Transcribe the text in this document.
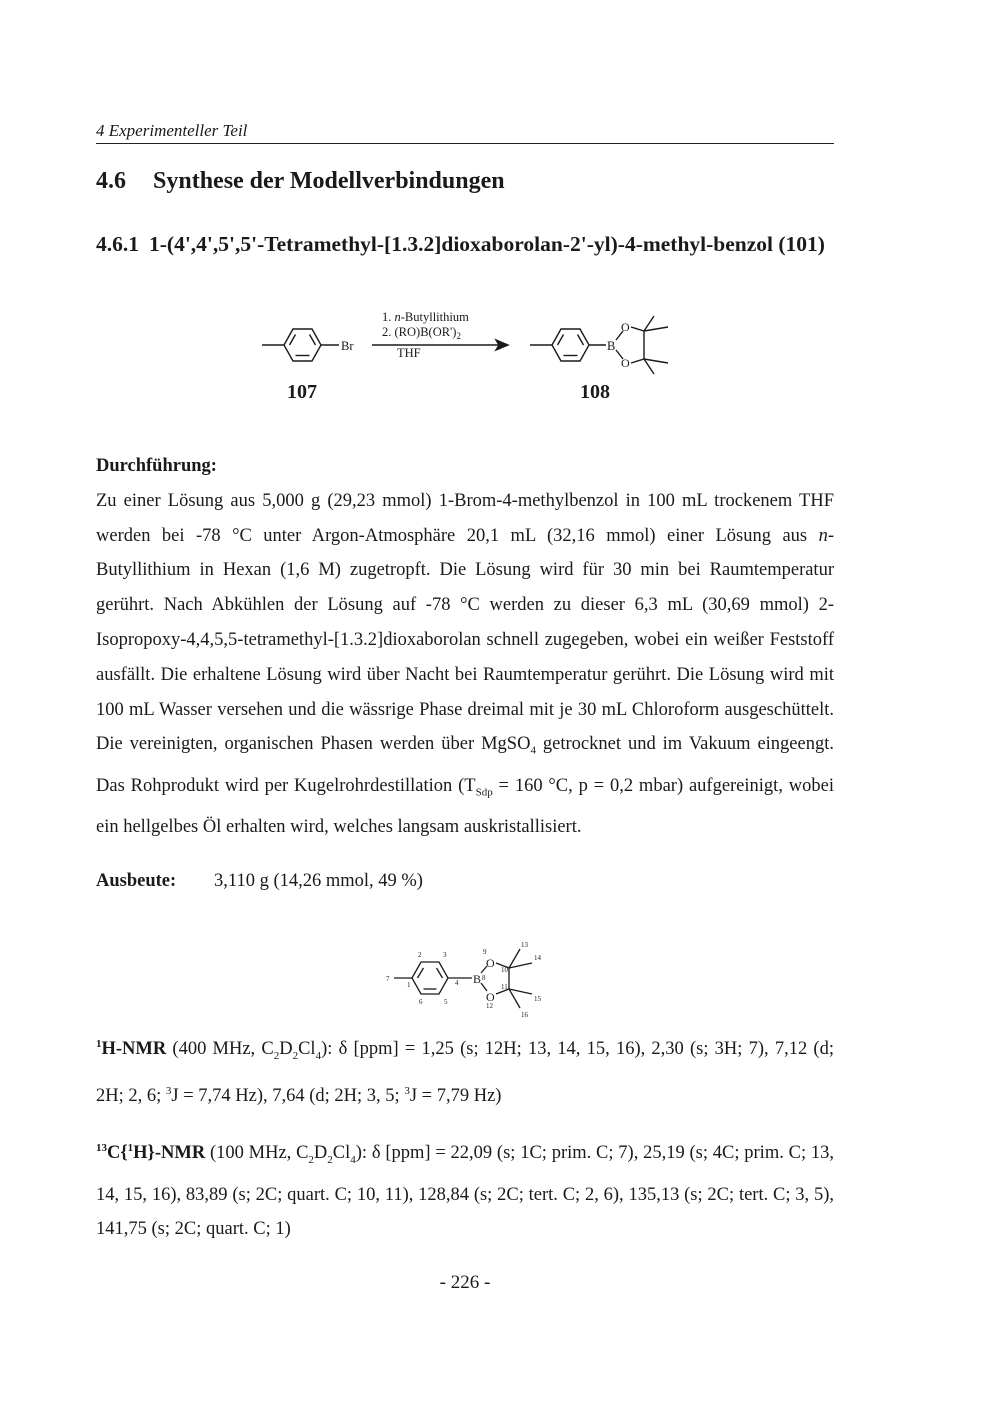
4 Experimenteller Teil
4.6 Synthese der Modellverbindungen
4.6.1 1-(4',4',5',5'-Tetramethyl-[1.3.2]dioxaborolan-2'-yl)-4-methyl-benzol (101)
Br	B
O
O
1. n-Butyllithium
2. $(RO)B(OR')_2$
THF
107	108
Durchführung:

Zu einer Lösung aus 5,000 g (29,23 mmol) 1-Brom-4-methylbenzol in 100 mL trockenem THF werden bei -78 °C unter Argon-Atmosphäre 20,1 mL (32,16 mmol) einer Lösung aus n-Butyllithium in Hexan (1,6 M) zugetropft. Die Lösung wird für 30 min bei Raumtemperatur gerührt. Nach Abkühlen der Lösung auf -78 °C werden zu dieser 6,3 mL (30,69 mmol) 2-Isopropoxy-4,4,5,5-tetramethyl-[1.3.2]dioxaborolan schnell zugegeben, wobei ein weißer Feststoff ausfällt. Die erhaltene Lösung wird über Nacht bei Raumtemperatur gerührt. Die Lösung wird mit 100 mL Wasser versehen und die wässrige Phase dreimal mit je 30 mL Chloroform ausgeschüttelt. Die vereinigten, organischen Phasen werden über MgSO$_4$ getrocknet und im Vakuum eingeengt. Das Rohprodukt wird per Kugelrohrdestillation ($T_{Sdp} = 160$ °C, p = 0,2 mbar) aufgereinigt, wobei ein hellgelbes Öl erhalten wird, welches langsam auskristallisiert.

Ausbeute: 3,110 g (14,26 mmol, 49 %)
B
O
O
1
2	3
4
5
6
7	8
9
10
11
12
13
14
15
16
$^1$H-NMR (400 MHz, $C_2D_2Cl_4$): δ [ppm] = 1,25 (s; 12H; 13, 14, 15, 16), 2,30 (s; 3H; 7), 7,12 (d; 2H; 2, 6; $^3$J = 7,74 Hz), 7,64 (d; 2H; 3, 5; $^3$J = 7,79 Hz)
$^{13}$C{$^1$H}-NMR (100 MHz, $C_2D_2Cl_4$): δ [ppm] = 22,09 (s; 1C; prim. C; 7), 25,19 (s; 4C; prim. C; 13, 14, 15, 16), 83,89 (s; 2C; quart. C; 10, 11), 128,84 (s; 2C; tert. C; 2, 6), 135,13 (s; 2C; tert. C; 3, 5), 141,75 (s; 2C; quart. C; 1)
- 226 -
